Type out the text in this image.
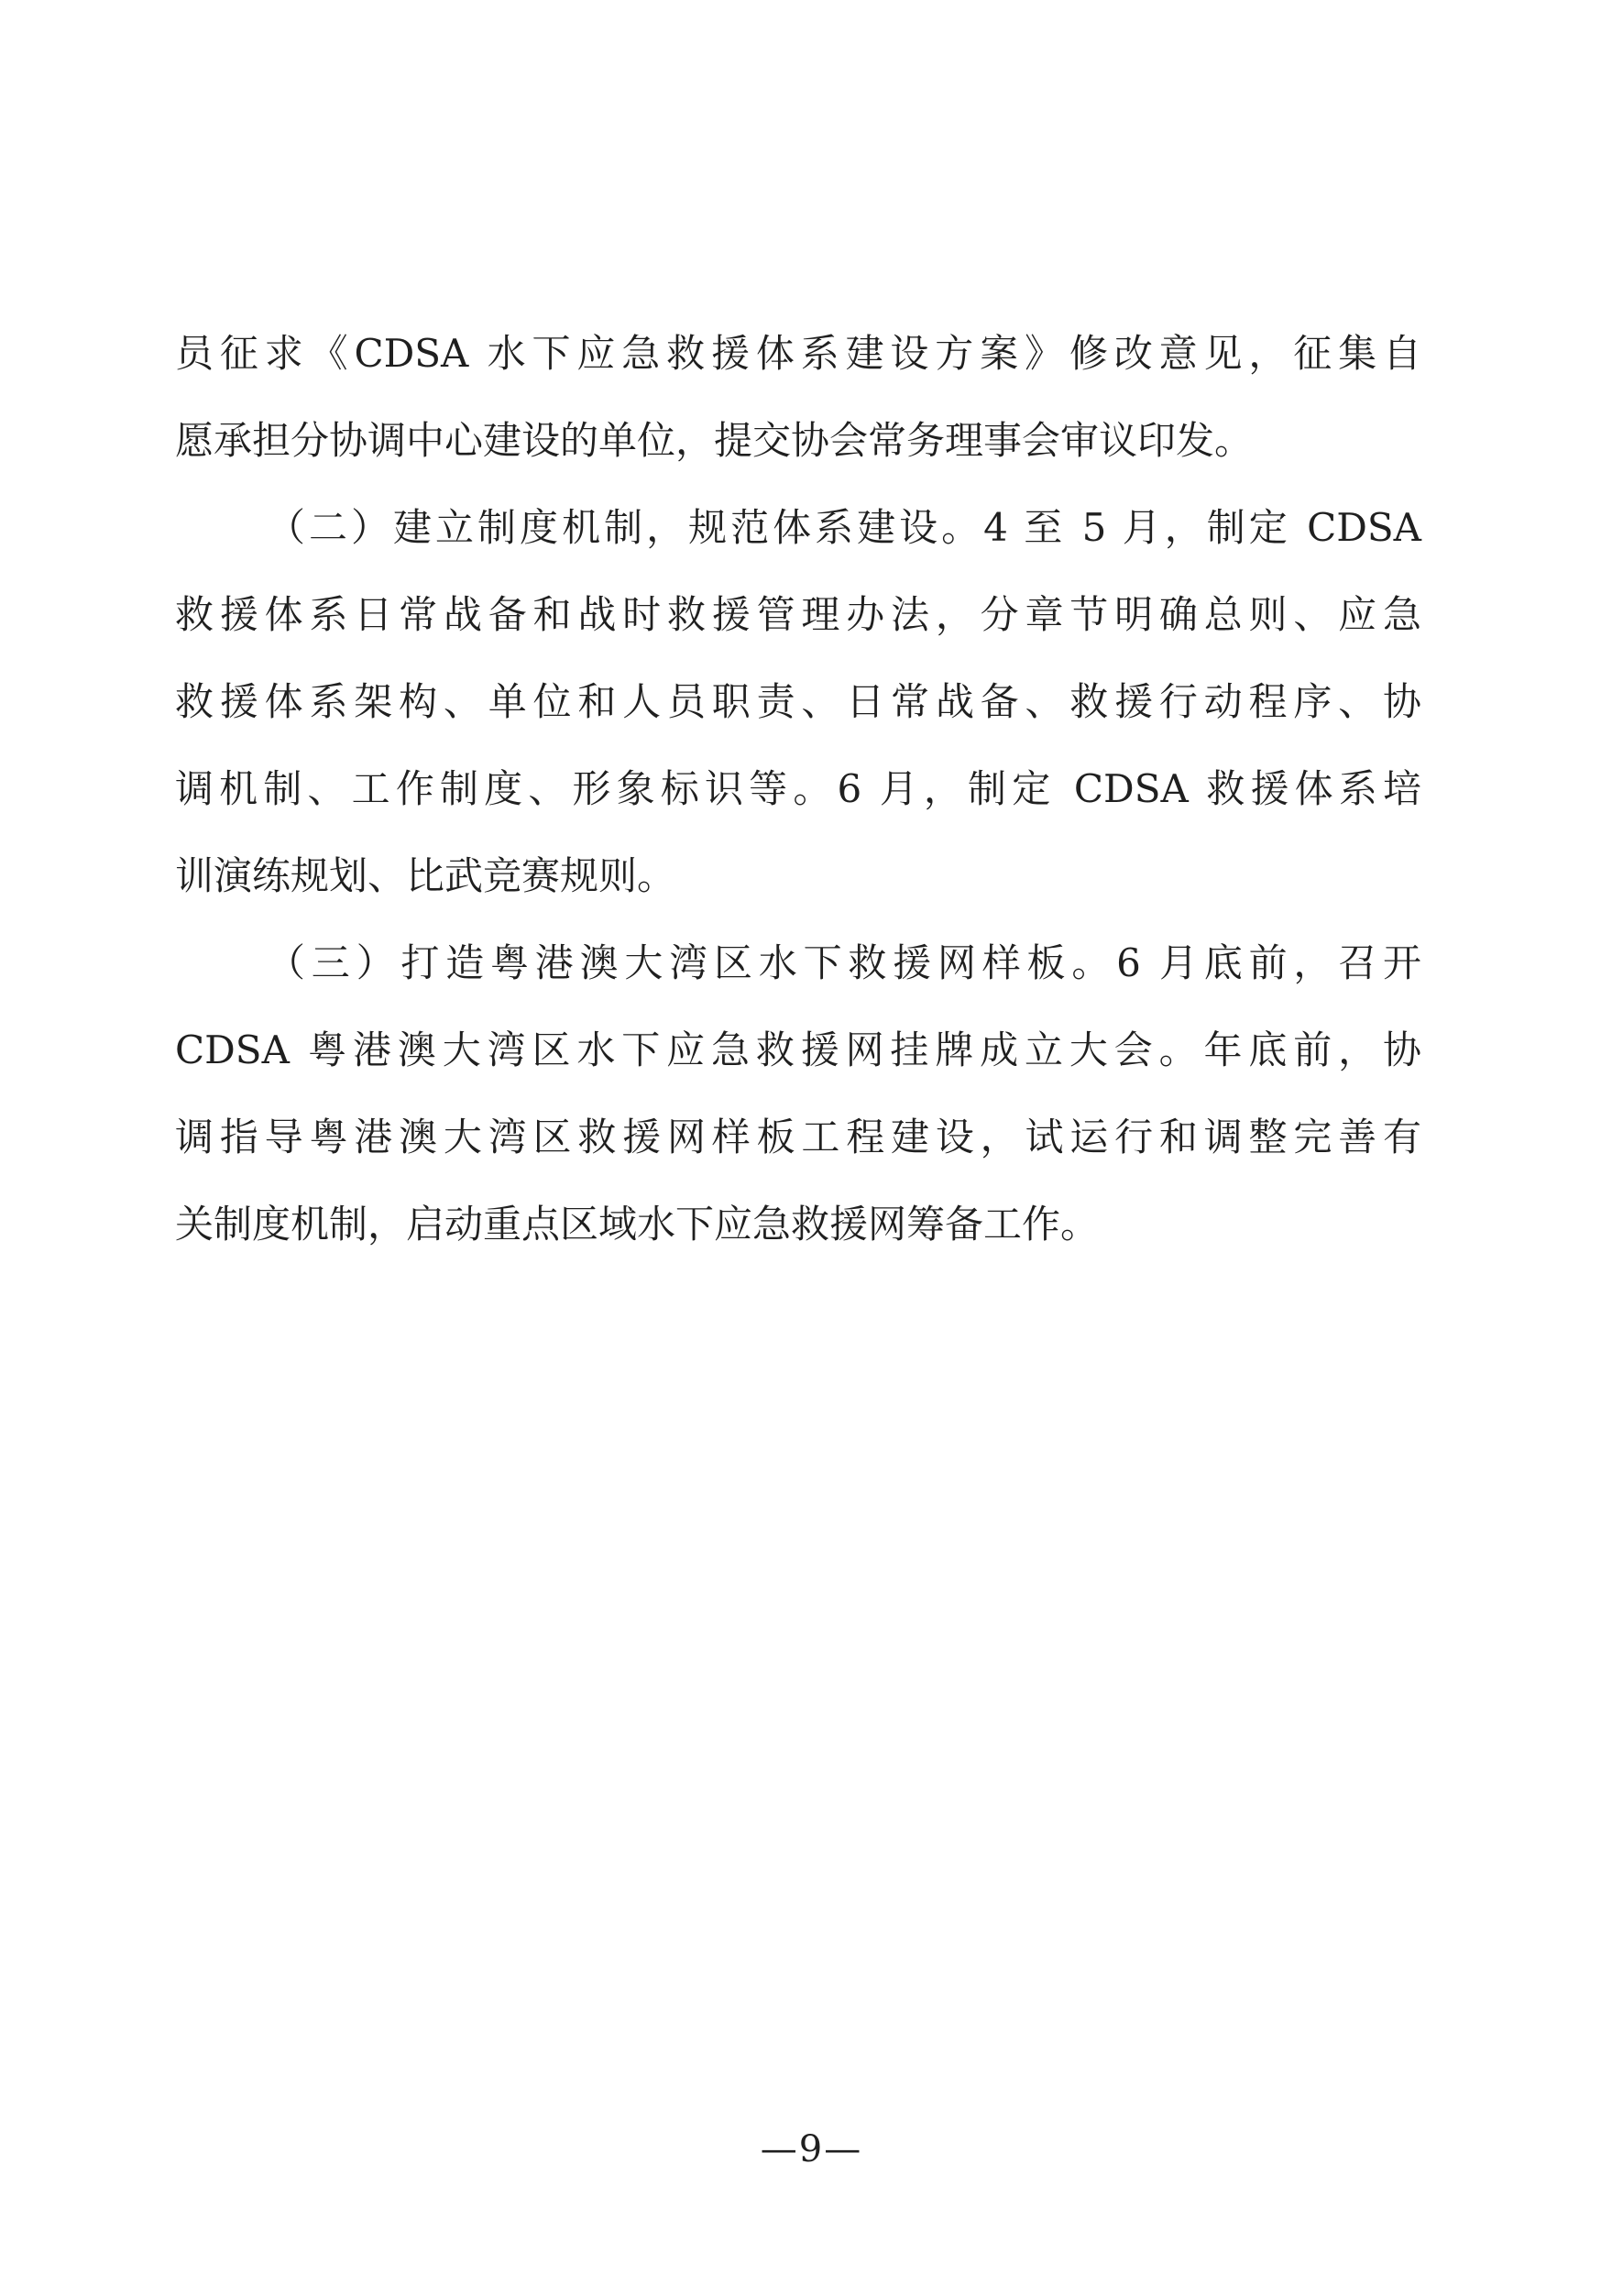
员征求《CDSA 水下应急救援体系建设方案》修改意见，征集自
愿承担分协调中心建设的单位，提交协会常务理事会审议印发。
（二）建立制度机制，规范体系建设。4 至 5 月，制定 CDSA
救援体系日常战备和战时救援管理办法，分章节明确总则、应急
救援体系架构、单位和人员职责、日常战备、救援行动程序、协
调机制、工作制度、形象标识等。6 月，制定 CDSA 救援体系培
训演练规划、比武竞赛规则。
（三）打造粤港澳大湾区水下救援网样板。6 月底前，召开
CDSA 粤港澳大湾区水下应急救援网挂牌成立大会。年底前，协
调指导粤港澳大湾区救援网样板工程建设，试运行和调整完善有
关制度机制，启动重点区域水下应急救援网筹备工作。
—9—
